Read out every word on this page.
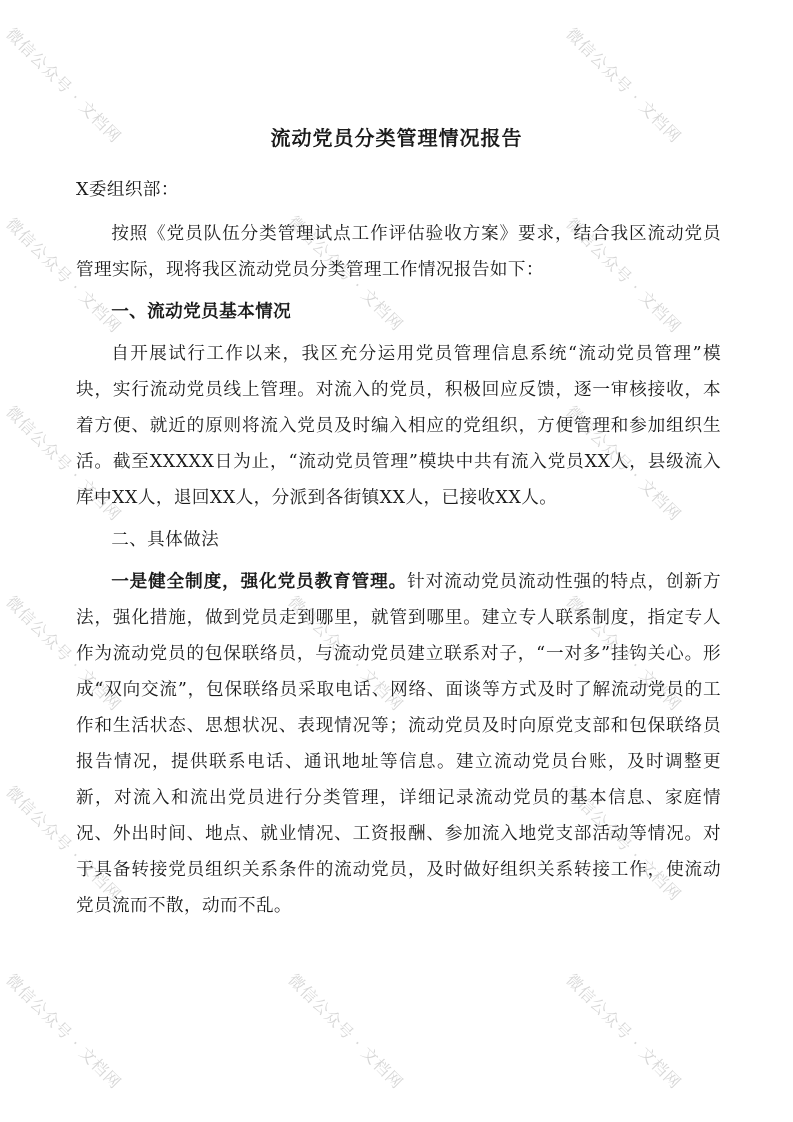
微信公众号 · 文档网	微信公众号 · 文档网
微信公众号 · 文档网	微信公众号 · 文档网
微信公众号 · 文档网	微信公众号 · 文档网
微信公众号 · 文档网	微信公众号 · 文档网
微信公众号 · 文档网	微信公众号 · 文档网
微信公众号 · 文档网	微信公众号 · 文档网
微信公众号 · 文档网
微信公众号 · 文档网
微信公众号 · 文档网
流动党员分类管理情况报告

X委组织部：

按照《党员队伍分类管理试点工作评估验收方案》要求，结合我区流动党员管理实际，现将我区流动党员分类管理工作情况报告如下：

一、流动党员基本情况

自开展试行工作以来，我区充分运用党员管理信息系统“流动党员管理”模块，实行流动党员线上管理。对流入的党员，积极回应反馈，逐一审核接收，本着方便、就近的原则将流入党员及时编入相应的党组织，方便管理和参加组织生活。截至XXXXX日为止，“流动党员管理”模块中共有流入党员XX人，县级流入库中XX人，退回XX人，分派到各街镇XX人，已接收XX人。

二、具体做法

一是健全制度，强化党员教育管理。针对流动党员流动性强的特点，创新方法，强化措施，做到党员走到哪里，就管到哪里。建立专人联系制度，指定专人作为流动党员的包保联络员，与流动党员建立联系对子，“一对多”挂钩关心。形成“双向交流”，包保联络员采取电话、网络、面谈等方式及时了解流动党员的工作和生活状态、思想状况、表现情况等；流动党员及时向原党支部和包保联络员报告情况，提供联系电话、通讯地址等信息。建立流动党员台账，及时调整更新，对流入和流出党员进行分类管理，详细记录流动党员的基本信息、家庭情况、外出时间、地点、就业情况、工资报酬、参加流入地党支部活动等情况。对于具备转接党员组织关系条件的流动党员，及时做好组织关系转接工作，使流动党员流而不散，动而不乱。
